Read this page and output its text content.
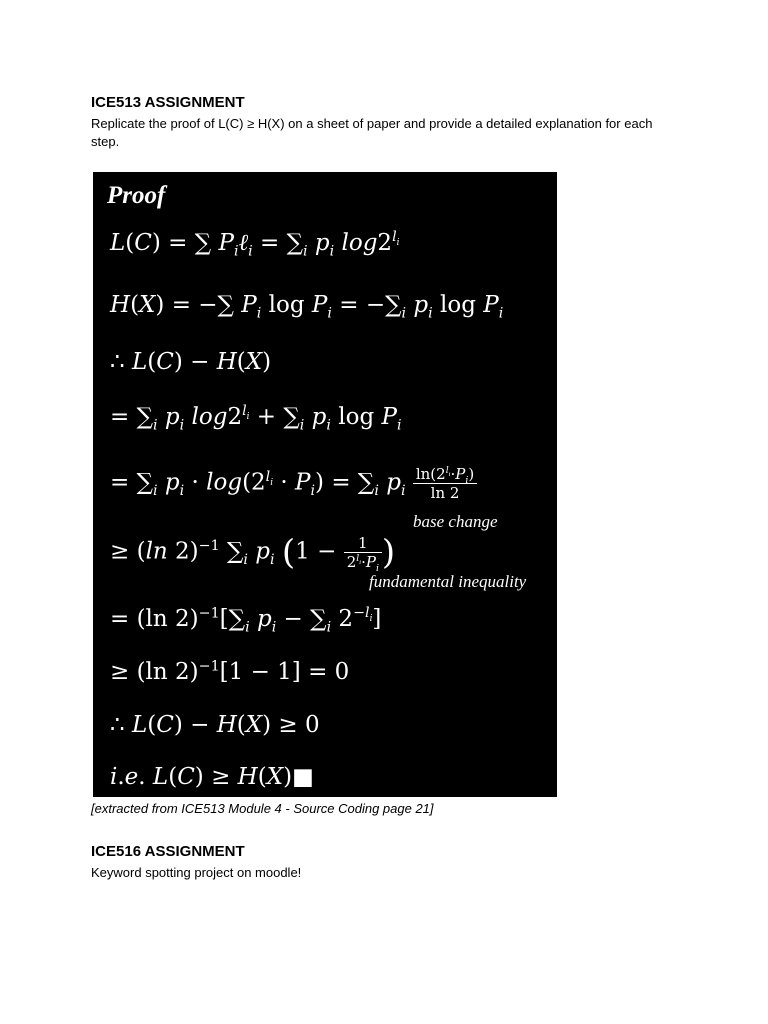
ICE513 ASSIGNMENT

Replicate the proof of L(C) ≥ H(X) on a sheet of paper and provide a detailed explanation for each step.

Proof
L(C) = ∑ $P_i\ell_i = \sum_i$ $p_i$ $\log 2^{l_i}$
H(X) = −∑ $P_i$ $\log P_i = -\sum_i$ $p_i$ $\log P_i$
∴ L(C) − H(X)
= $\sum_i$ $p_i$ $\log 2^{l_i} + \sum_i$ $p_i$ $\log P_i$
= $\sum_i$ $p_i \cdot \log(2^{l_i} \cdot P_i) = \sum_i$ $p_i \frac{\ln(2^{l_i}\cdot P_i)}{\ln 2}$
base change
≥ (ln 2)$^{-1}$ $\sum_i$ $p_i$ ($1 - \frac{1}{2^{l_i}\cdot P_i}$ )
fundamental inequality
= (ln $2)^{-1}[\sum_i$ $p_i - \sum_i$ $2^{-l_i}$]
≥ (ln 2)$^{-1}$[1 − 1] = 0
∴ L(C) − H(X) ≥ 0
i.e. L(C) ≥ H(X)■
[extracted from ICE513 Module 4 - Source Coding page 21]
ICE516 ASSIGNMENT

Keyword spotting project on moodle!
